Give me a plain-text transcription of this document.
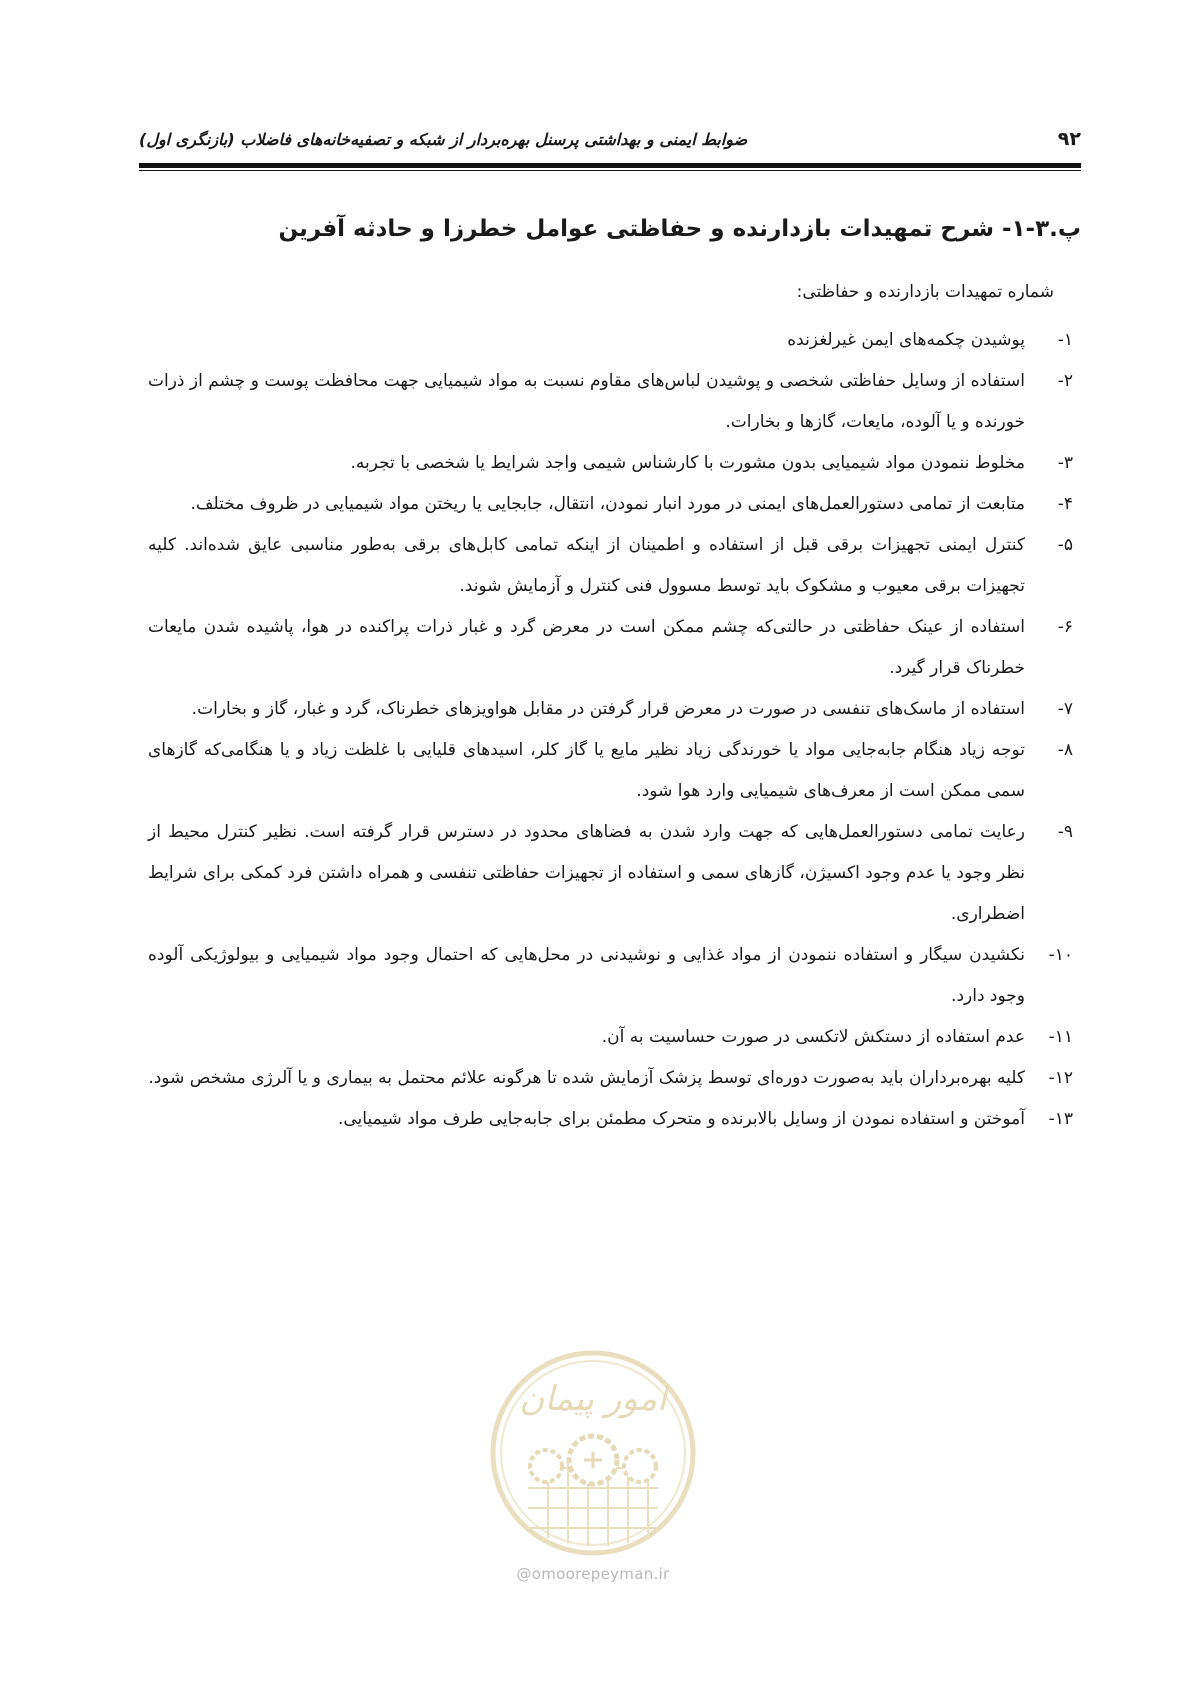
۹۲
ضوابط ایمنی و بهداشتی پرسنل بهره‌بردار از شبکه و تصفیه‌خانه‌های فاضلاب (بازنگری اول)
پ.۳-۱- شرح تمهیدات بازدارنده و حفاظتی عوامل خطرزا و حادثه آفرین
شماره تمهیدات بازدارنده و حفاظتی:
۱-
پوشیدن چکمه‌های ایمن غیرلغزنده
۲-
استفاده از وسایل حفاظتی شخصی و پوشیدن لباس‌های مقاوم نسبت به مواد شیمیایی جهت محافظت پوست و چشم از ذرات خورنده و یا آلوده، مایعات، گازها و بخارات.
۳-
مخلوط ننمودن مواد شیمیایی بدون مشورت با کارشناس شیمی واجد شرایط یا شخصی با تجربه.
۴-
متابعت از تمامی دستورالعمل‌های ایمنی در مورد انبار نمودن، انتقال، جابجایی یا ریختن مواد شیمیایی در ظروف مختلف.
۵-
کنترل ایمنی تجهیزات برقی قبل از استفاده و اطمینان از اینکه تمامی کابل‌های برقی به‌طور مناسبی عایق شده‌اند. کلیه تجهیزات برقی معیوب و مشکوک باید توسط مسوول فنی کنترل و آزمایش شوند.
۶-
استفاده از عینک حفاظتی در حالتی‌که چشم ممکن است در معرض گرد و غبار ذرات پراکنده در هوا، پاشیده شدن مایعات خطرناک قرار گیرد.
۷-
استفاده از ماسک‌های تنفسی در صورت در معرض قرار گرفتن در مقابل هواویزهای خطرناک، گرد و غبار، گاز و بخارات.
۸-
توجه زیاد هنگام جابه‌جایی مواد یا خورندگی زیاد نظیر مایع یا گاز کلر، اسیدهای قلیایی با غلظت زیاد و یا هنگامی‌که گازهای سمی ممکن است از معرف‌های شیمیایی وارد هوا شود.
۹-
رعایت تمامی دستورالعمل‌هایی که جهت وارد شدن به فضاهای محدود در دسترس قرار گرفته است. نظیر کنترل محیط از نظر وجود یا عدم وجود اکسیژن، گازهای سمی و استفاده از تجهیزات حفاظتی تنفسی و همراه داشتن فرد کمکی برای شرایط اضطراری.
۱۰-
نکشیدن سیگار و استفاده ننمودن از مواد غذایی و نوشیدنی در محل‌هایی که احتمال وجود مواد شیمیایی و بیولوژیکی آلوده وجود دارد.
۱۱-
عدم استفاده از دستکش لاتکسی در صورت حساسیت به آن.
۱۲-
کلیه بهره‌برداران باید به‌صورت دوره‌ای توسط پزشک آزمایش شده تا هرگونه علائم محتمل به بیماری و یا آلرژی مشخص شود.
۱۳-
آموختن و استفاده نمودن از وسایل بالابرنده و متحرک مطمئن برای جابه‌جایی طرف مواد شیمیایی.
امور پیمان
@omoorepeyman.ir
